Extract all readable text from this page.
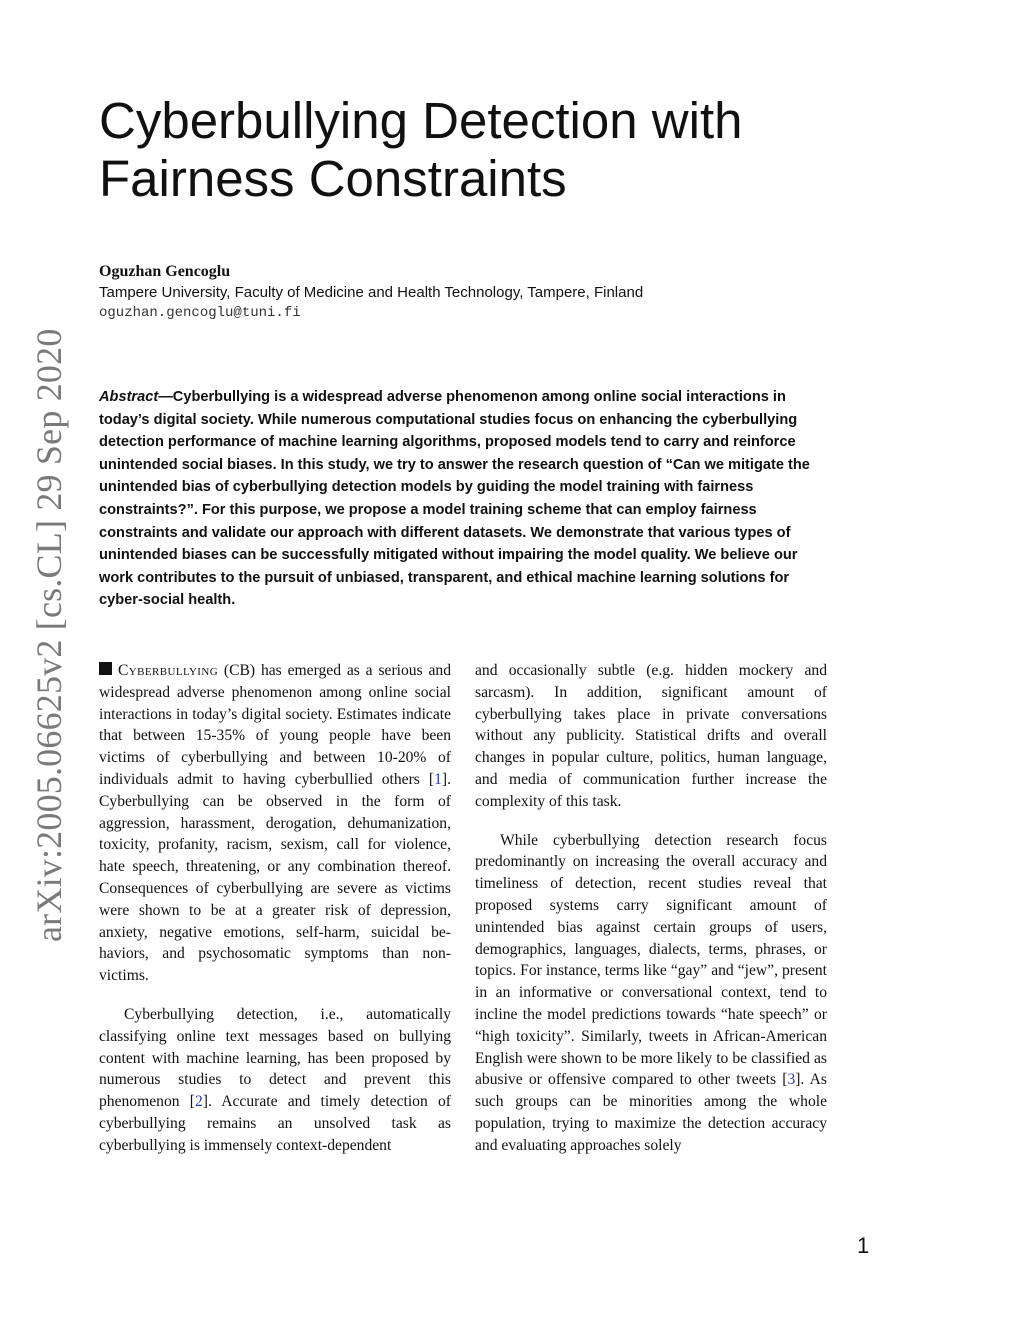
arXiv:2005.06625v2 [cs.CL] 29 Sep 2020
Cyberbullying Detection with
Fairness Constraints
Oguzhan Gencoglu
Tampere University, Faculty of Medicine and Health Technology, Tampere, Finland
oguzhan.gencoglu@tuni.fi

Abstract—Cyberbullying is a widespread adverse phenomenon among online social interactions in today’s digital society. While numerous computational studies focus on enhancing the cyberbullying detection performance of machine learning algorithms, proposed models tend to carry and reinforce unintended social biases. In this study, we try to answer the research question of “Can we mitigate the unintended bias of cyberbullying detection models by guiding the model training with fairness constraints?”. For this purpose, we propose a model training scheme that can employ fairness constraints and validate our approach with different datasets. We demonstrate that various types of unintended biases can be successfully mitigated without impairing the model quality. We believe our work contributes to the pursuit of unbiased, transparent, and ethical machine learning solutions for cyber-social health.

Cyberbullying (CB) has emerged as a serious and widespread adverse phenomenon among online social interactions in today’s digital society. Estimates indicate that between 15-35% of young people have been victims of cyberbullying and between 10-20% of individuals admit to having cyberbullied others [1]. Cyberbullying can be observed in the form of aggression, harassment, derogation, dehumanization, toxicity, profanity, racism, sexism, call for violence, hate speech, threatening, or any combination thereof. Consequences of cyberbullying are severe as victims were shown to be at a greater risk of depression, anxiety, negative emotions, self-harm, suicidal behaviors, and psychosomatic symptoms than non-victims.

Cyberbullying detection, i.e., automatically classifying online text messages based on bullying content with machine learning, has been proposed by numerous studies to detect and prevent this phenomenon [2]. Accurate and timely detection of cyberbullying remains an unsolved task as cyberbullying is immensely context-dependent

and occasionally subtle (e.g. hidden mockery and sarcasm). In addition, significant amount of cyberbullying takes place in private conversations without any publicity. Statistical drifts and overall changes in popular culture, politics, human language, and media of communication further increase the complexity of this task.

While cyberbullying detection research focus predominantly on increasing the overall accuracy and timeliness of detection, recent studies reveal that proposed systems carry significant amount of unintended bias against certain groups of users, demographics, languages, dialects, terms, phrases, or topics. For instance, terms like “gay” and “jew”, present in an informative or conversational context, tend to incline the model predictions towards “hate speech” or “high toxicity”. Similarly, tweets in African-American English were shown to be more likely to be classified as abusive or offensive compared to other tweets [3]. As such groups can be minorities among the whole population, trying to maximize the detection accuracy and evaluating approaches solely

1
